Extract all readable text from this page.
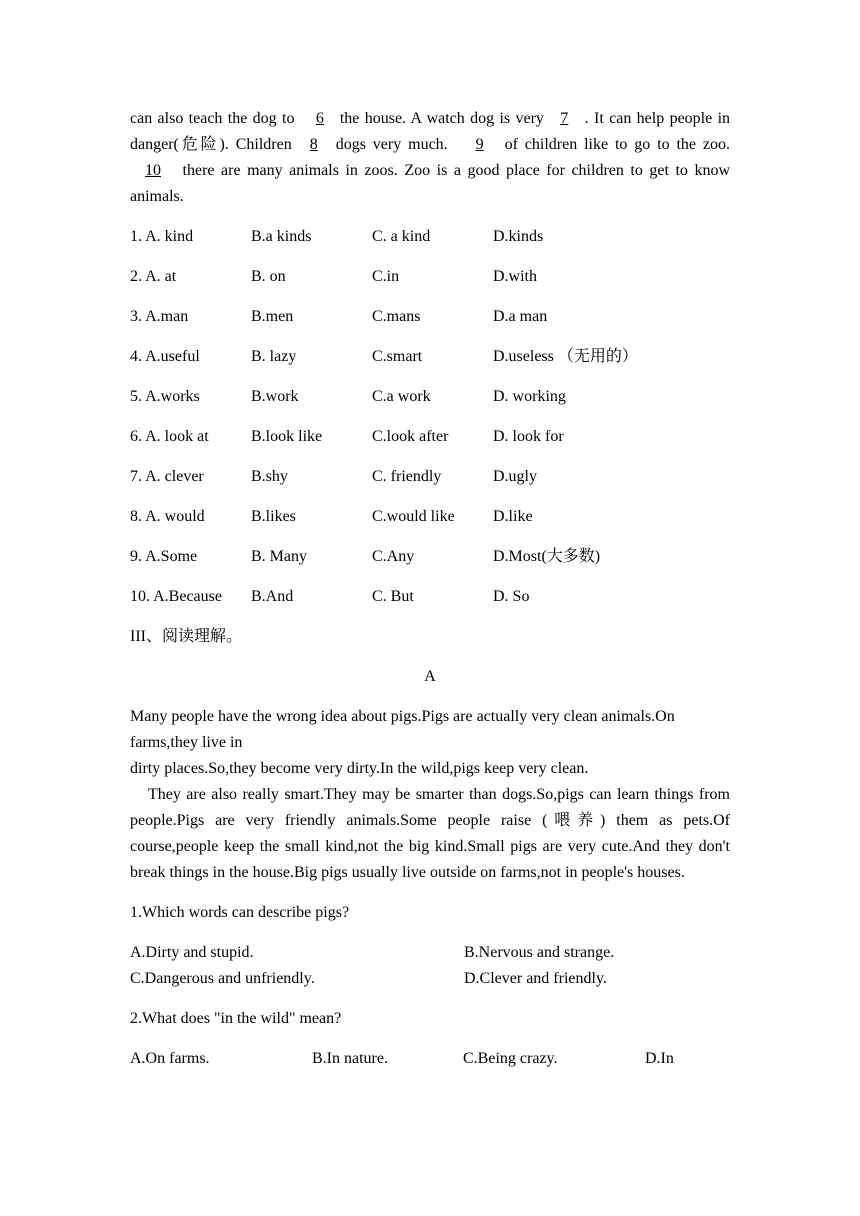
can also teach the dog to 6 the house. A watch dog is very 7 . It can help people in danger(危险). Children 8 dogs very much. 9 of children like to go to the zoo.10 there are many animals in zoos. Zoo is a good place for children to get to know animals.

1. A. kind	B.a kinds	C. a kind	D.kinds
2. A. at	B. on	C.in	D.with
3. A.man	B.men	C.mans	D.a man
4. A.useful	B. lazy	C.smart	D.useless （无用的）
5. A.works	B.work	C.a work	D. working
6. A. look at	B.look like	C.look after	D. look for
7. A. clever	B.shy	C. friendly	D.ugly
8. A. would	B.likes	C.would like	D.like
9. A.Some	B. Many	C.Any	D.Most(大多数)
10. A.Because	B.And	C. But	D. So
III、阅读理解。
A

Many people have the wrong idea about pigs.Pigs are actually very clean animals.On farms,they live in

dirty places.So,they become very dirty.In the wild,pigs keep very clean.

They are also really smart.They may be smarter than dogs.So,pigs can learn things from people.Pigs are very friendly animals.Some people raise (喂养) them as pets.Of course,people keep the small kind,not the big kind.Small pigs are very cute.And they don't break things in the house.Big pigs usually live outside on farms,not in people's houses.

1.Which words can describe pigs?
A.Dirty and stupid.	B.Nervous and strange.
C.Dangerous and unfriendly.	D.Clever and friendly.
2.What does "in the wild" mean?
A.On farms.	B.In nature.	C.Being crazy.	D.In
